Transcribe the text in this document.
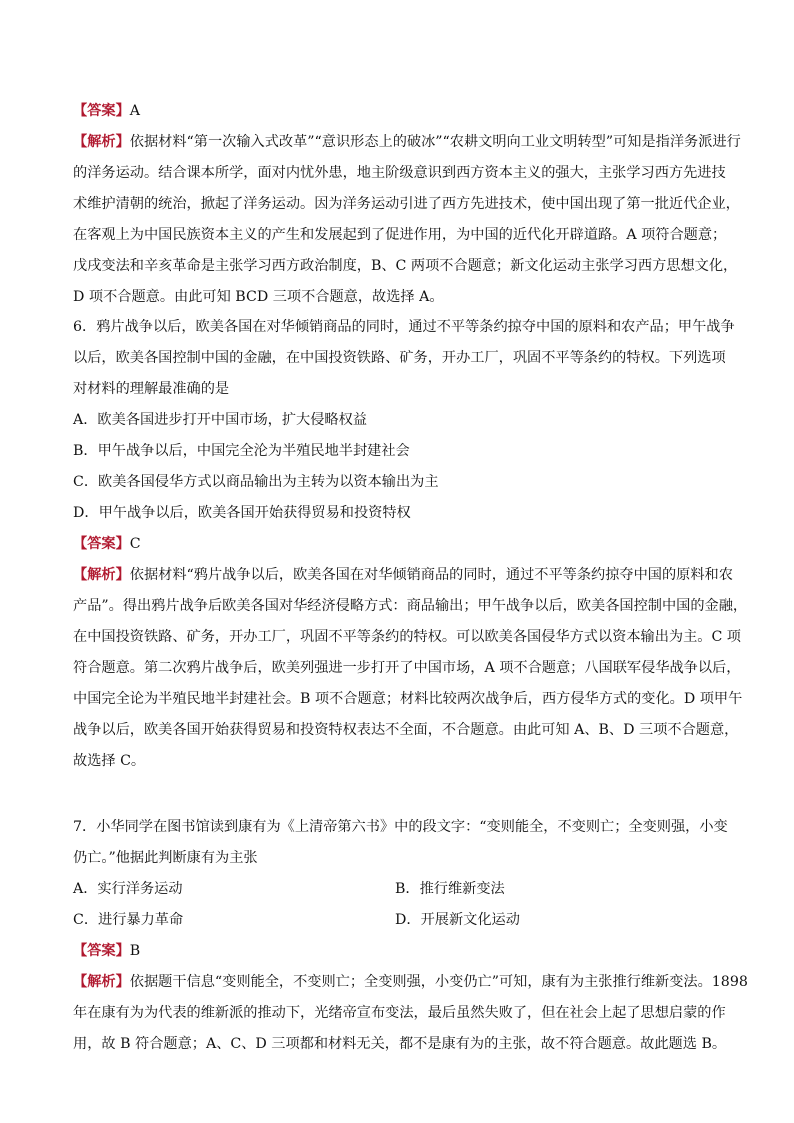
【答案】A
【解析】依据材料“第一次输入式改革”“意识形态上的破冰”“农耕文明向工业文明转型”可知是指洋务派进行
的洋务运动。结合课本所学，面对内忧外患，地主阶级意识到西方资本主义的强大，主张学习西方先进技
术维护清朝的统治，掀起了洋务运动。因为洋务运动引进了西方先进技术，使中国出现了第一批近代企业，
在客观上为中国民族资本主义的产生和发展起到了促进作用，为中国的近代化开辟道路。A 项符合题意；
戊戌变法和辛亥革命是主张学习西方政治制度，B、C 两项不合题意；新文化运动主张学习西方思想文化，
D 项不合题意。由此可知 BCD 三项不合题意，故选择 A。
6．鸦片战争以后，欧美各国在对华倾销商品的同时，通过不平等条约掠夺中国的原料和农产品；甲午战争
以后，欧美各国控制中国的金融，在中国投资铁路、矿务，开办工厂，巩固不平等条约的特权。下列选项
对材料的理解最准确的是
A．欧美各国进步打开中国市场，扩大侵略权益
B．甲午战争以后，中国完全沦为半殖民地半封建社会
C．欧美各国侵华方式以商品输出为主转为以资本输出为主
D．甲午战争以后，欧美各国开始获得贸易和投资特权
【答案】C
【解析】依据材料“鸦片战争以后，欧美各国在对华倾销商品的同时，通过不平等条约掠夺中国的原料和农
产品”。得出鸦片战争后欧美各国对华经济侵略方式：商品输出；甲午战争以后，欧美各国控制中国的金融，
在中国投资铁路、矿务，开办工厂，巩固不平等条约的特权。可以欧美各国侵华方式以资本输出为主。C 项
符合题意。第二次鸦片战争后，欧美列强进一步打开了中国市场，A 项不合题意；八国联军侵华战争以后，
中国完全论为半殖民地半封建社会。B 项不合题意；材料比较两次战争后，西方侵华方式的变化。D 项甲午
战争以后，欧美各国开始获得贸易和投资特权表达不全面，不合题意。由此可知 A、B、D 三项不合题意，
故选择 C。
7．小华同学在图书馆读到康有为《上清帝第六书》中的段文字：“变则能全，不变则亡；全变则强，小变
仍亡。”他据此判断康有为主张
A．实行洋务运动	B．推行维新变法
C．进行暴力革命	D．开展新文化运动
【答案】B
【解析】依据题干信息“变则能全，不变则亡；全变则强，小变仍亡”可知，康有为主张推行维新变法。1898
年在康有为为代表的维新派的推动下，光绪帝宣布变法，最后虽然失败了，但在社会上起了思想启蒙的作
用，故 B 符合题意；A、C、D 三项都和材料无关，都不是康有为的主张，故不符合题意。故此题选 B。
